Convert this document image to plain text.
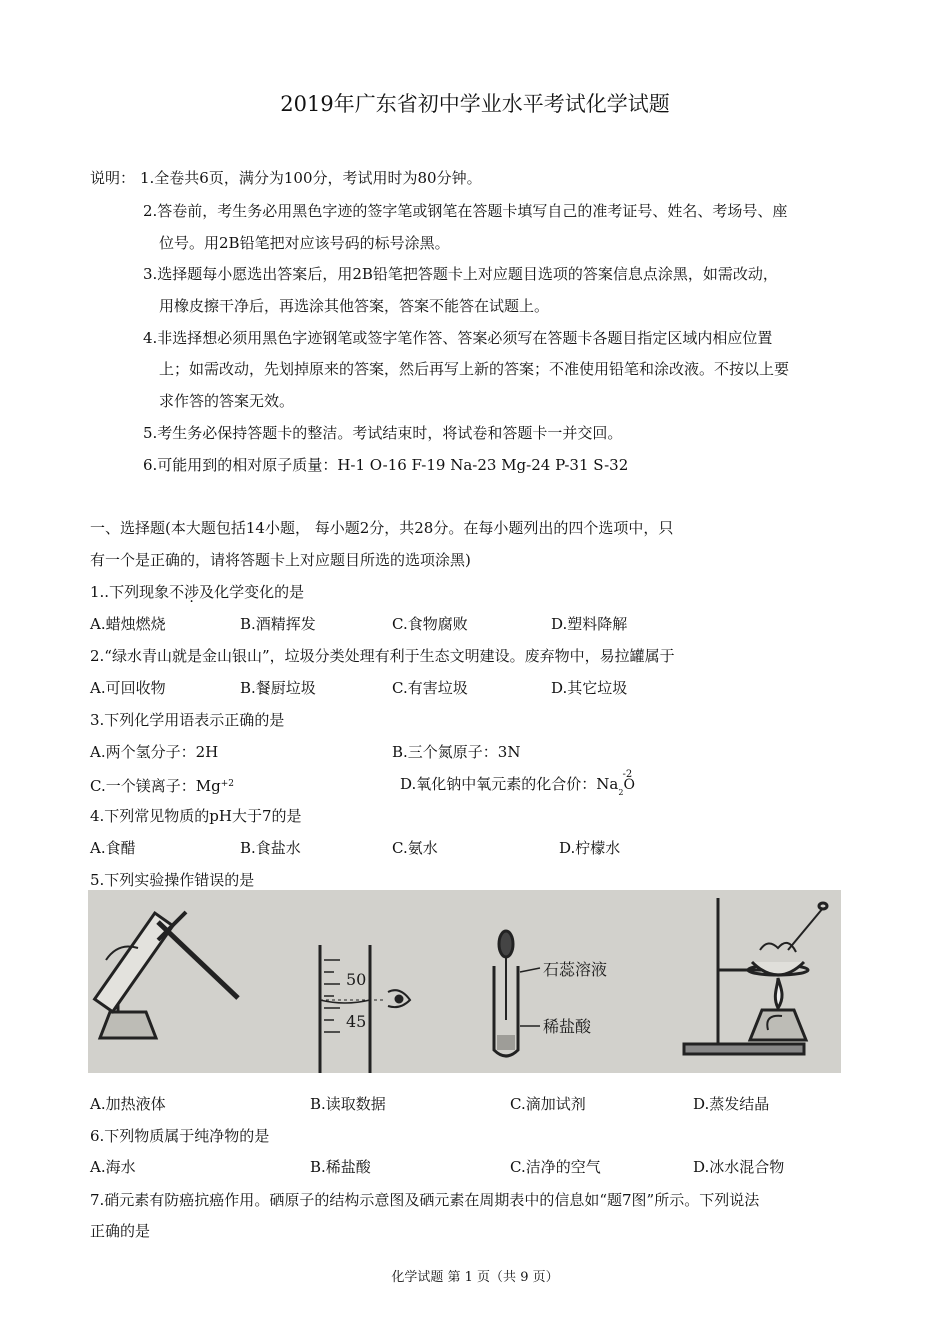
2019年广东省初中学业水平考试化学试题
说明： 1.全卷共6页，满分为100分，考试用时为80分钟。
2.答卷前，考生务必用黑色字迹的签字笔或钢笔在答题卡填写自己的准考证号、姓名、考场号、座
位号。用2B铅笔把对应该号码的标号涂黑。
3.选择题每小愿选出答案后，用2B铅笔把答题卡上对应题目选项的答案信息点涂黑，如需改动，
用橡皮擦干净后，再选涂其他答案，答案不能答在试题上。
4.非选择想必须用黑色字迹钢笔或签字笔作答、答案必须写在答题卡各题目指定区域内相应位置
上；如需改动，先划掉原来的答案，然后再写上新的答案；不准使用铅笔和涂改液。不按以上要
求作答的答案无效。
5.考生务必保持答题卡的整洁。考试结束时，将试卷和答题卡一并交回。
6.可能用到的相对原子质量：H-1 O-16 F-19 Na-23 Mg-24 P-31 S-32
一、选择题(本大题包括14小题， 每小题2分，共28分。在每小题列出的四个选项中，只
有一个是正确的，请将答题卡上对应题目所选的选项涂黑)
1..下列现象不涉及化学变化的是
A.蜡烛燃烧	B.酒精挥发	C.食物腐败	D.塑料降解
2.“绿水青山就是金山银山”，垃圾分类处理有利于生态文明建设。废弃物中，易拉罐属于
A.可回收物	B.餐厨垃圾	C.有害垃圾	D.其它垃圾
3.下列化学用语表示正确的是
A.两个氢分子：2H	B.三个氮原子：3N
C.一个镁离子：$Mg^{+2}$	D.氧化钠中氧元素的化合价：$Na_2$
-2
O
4.下列常见物质的pH大于7的是
A.食醋	B.食盐水	C.氨水	D.柠檬水
5.下列实验操作错误的是
50
45
石蕊溶液
稀盐酸
A.加热液体	B.读取数据	C.滴加试剂	D.蒸发结晶
6.下列物质属于纯净物的是
A.海水	B.稀盐酸	C.洁净的空气	D.冰水混合物
7.硝元素有防癌抗癌作用。硒原子的结构示意图及硒元素在周期表中的信息如“题7图”所示。下列说法
正确的是
化学试题 第 1 页（共 9 页）
